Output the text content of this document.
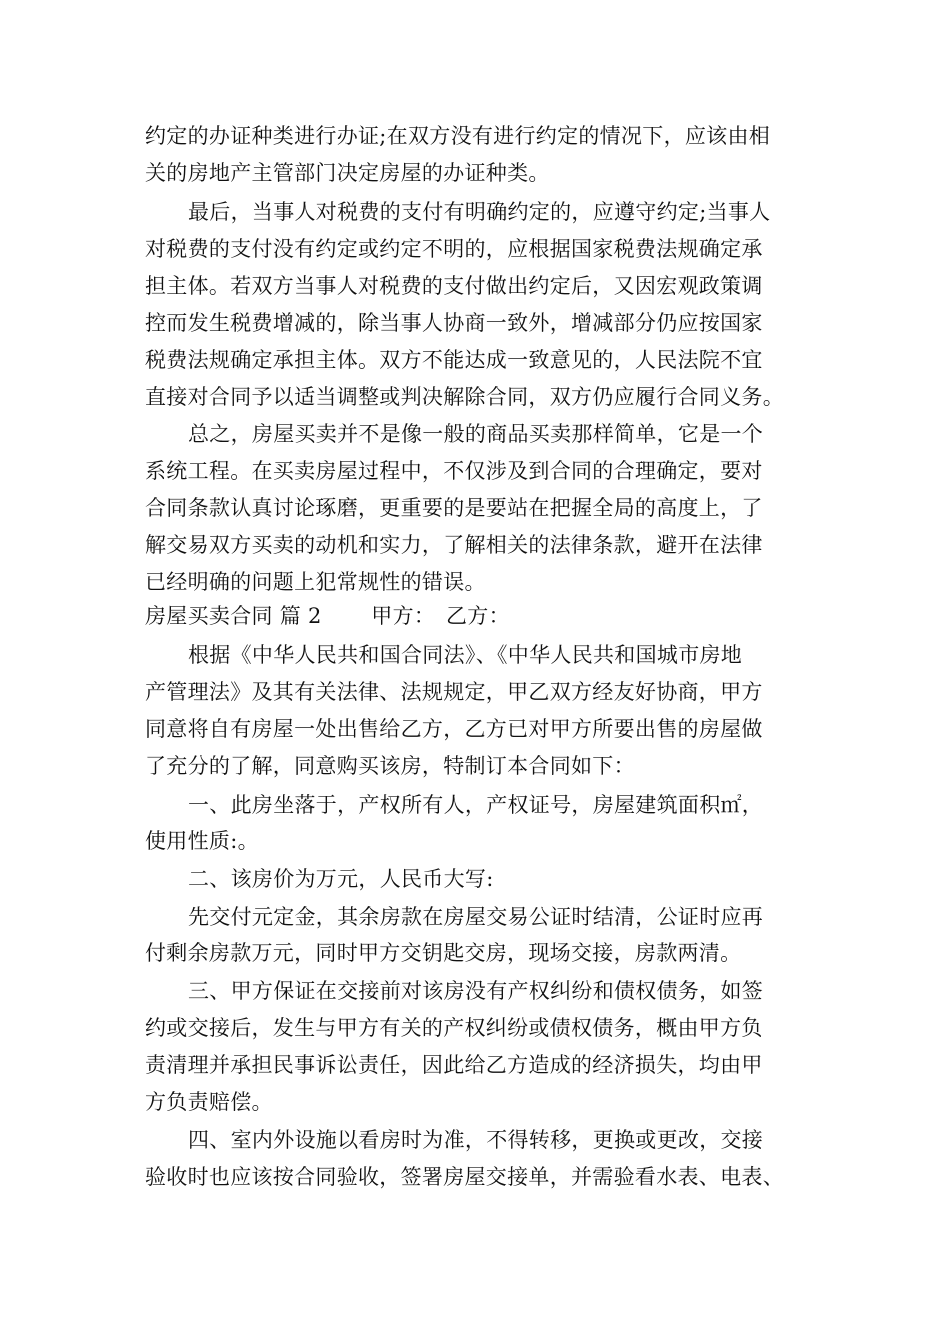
约定的办证种类进行办证;在双方没有进行约定的情况下，应该由相
关的房地产主管部门决定房屋的办证种类。
最后，当事人对税费的支付有明确约定的，应遵守约定;当事人
对税费的支付没有约定或约定不明的，应根据国家税费法规确定承
担主体。若双方当事人对税费的支付做出约定后，又因宏观政策调
控而发生税费增减的，除当事人协商一致外，增减部分仍应按国家
税费法规确定承担主体。双方不能达成一致意见的，人民法院不宜
直接对合同予以适当调整或判决解除合同，双方仍应履行合同义务。
总之，房屋买卖并不是像一般的商品买卖那样简单，它是一个
系统工程。在买卖房屋过程中，不仅涉及到合同的合理确定，要对
合同条款认真讨论琢磨，更重要的是要站在把握全局的高度上，了
解交易双方买卖的动机和实力，了解相关的法律条款，避开在法律
已经明确的问题上犯常规性的错误。
房屋买卖合同 篇 2　　 甲方：　乙方：
根据《中华人民共和国合同法》、《中华人民共和国城市房地
产管理法》及其有关法律、法规规定，甲乙双方经友好协商，甲方
同意将自有房屋一处出售给乙方，乙方已对甲方所要出售的房屋做
了充分的了解，同意购买该房，特制订本合同如下：
一、此房坐落于，产权所有人，产权证号，房屋建筑面积㎡，
使用性质:。
二、该房价为万元，人民币大写:
先交付元定金，其余房款在房屋交易公证时结清，公证时应再
付剩余房款万元，同时甲方交钥匙交房，现场交接，房款两清。
三、甲方保证在交接前对该房没有产权纠纷和债权债务，如签
约或交接后，发生与甲方有关的产权纠纷或债权债务，概由甲方负
责清理并承担民事诉讼责任，因此给乙方造成的经济损失，均由甲
方负责赔偿。
四、室内外设施以看房时为准，不得转移，更换或更改，交接
验收时也应该按合同验收，签署房屋交接单，并需验看水表、电表、
